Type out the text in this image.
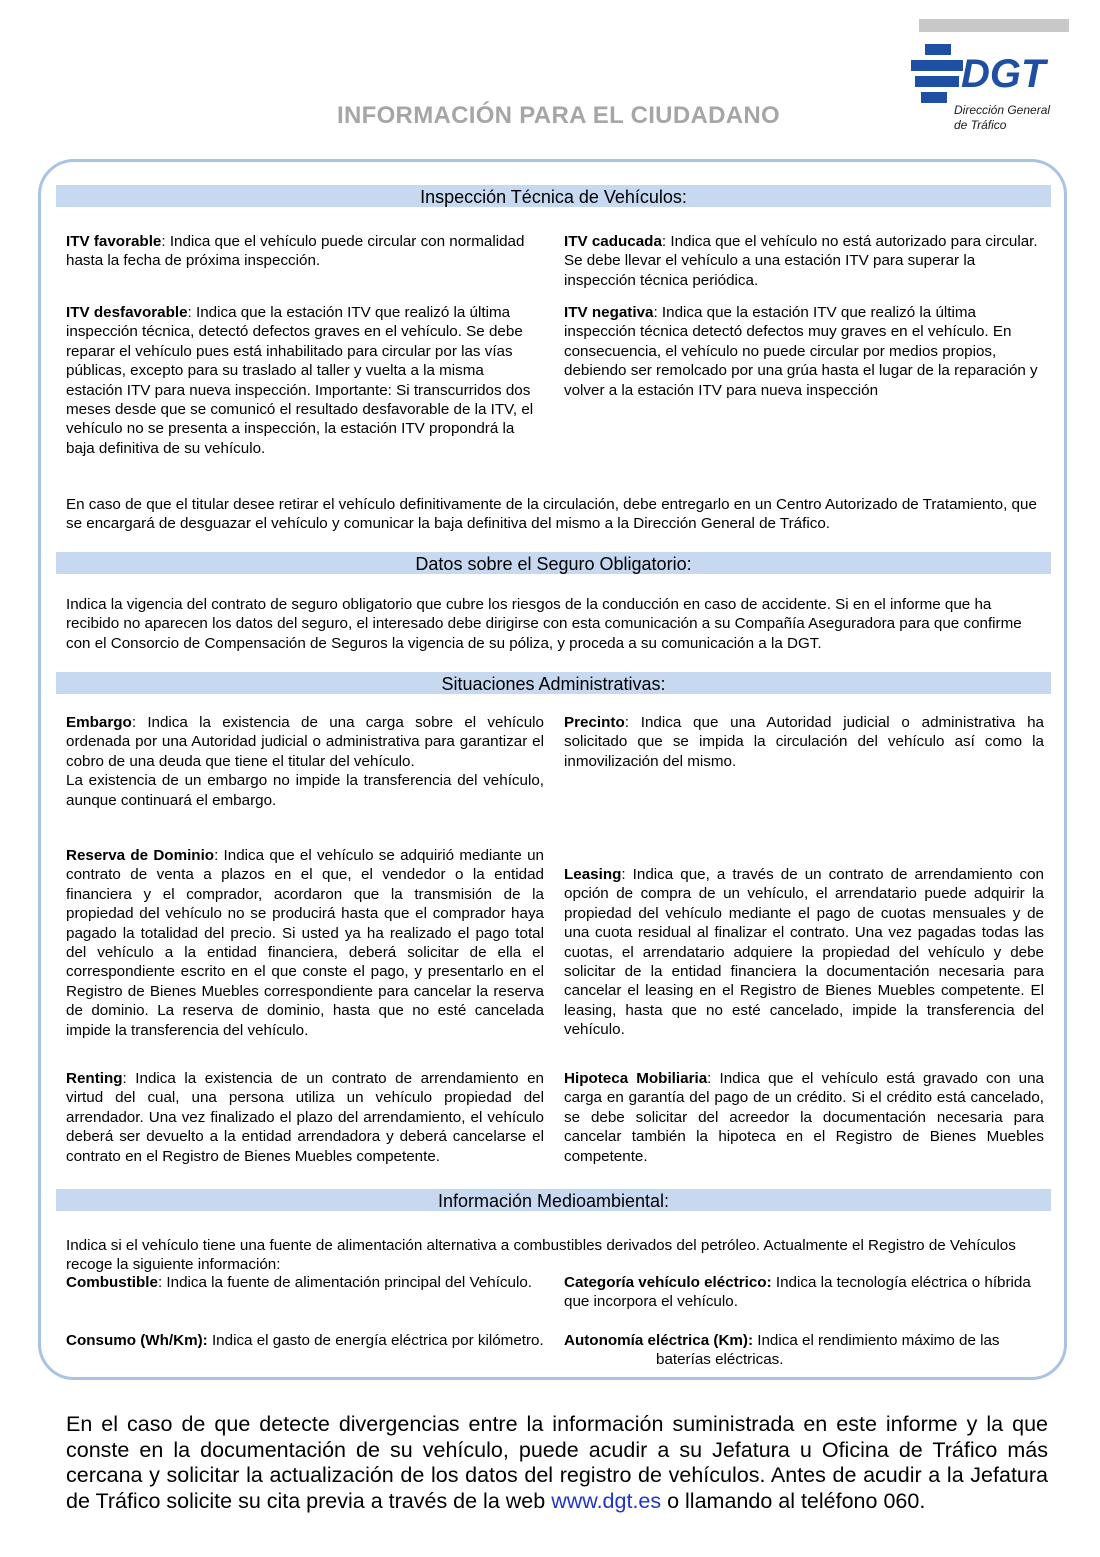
DGT
Dirección General
de Tráfico
INFORMACIÓN PARA EL CIUDADANO
Inspección Técnica de Vehículos:
ITV favorable: Indica que el vehículo puede circular con normalidad hasta la fecha de próxima inspección.
ITV caducada: Indica que el vehículo no está autorizado para circular. Se debe llevar el vehículo a una estación ITV para superar la inspección técnica periódica.
ITV desfavorable: Indica que la estación ITV que realizó la última inspección técnica, detectó defectos graves en el vehículo. Se debe reparar el vehículo pues está inhabilitado para circular por las vías públicas, excepto para su traslado al taller y vuelta a la misma estación ITV para nueva inspección. Importante: Si transcurridos dos meses desde que se comunicó el resultado desfavorable de la ITV, el vehículo no se presenta a inspección, la estación ITV propondrá la baja definitiva de su vehículo.
ITV negativa: Indica que la estación ITV que realizó la última inspección técnica detectó defectos muy graves en el vehículo. En consecuencia, el vehículo no puede circular por medios propios, debiendo ser remolcado por una grúa hasta el lugar de la reparación y volver a la estación ITV para nueva inspección
En caso de que el titular desee retirar el vehículo definitivamente de la circulación, debe entregarlo en un Centro Autorizado de Tratamiento, que se encargará de desguazar el vehículo y comunicar la baja definitiva del mismo a la Dirección General de Tráfico.
Datos sobre el Seguro Obligatorio:
Indica la vigencia del contrato de seguro obligatorio que cubre los riesgos de la conducción en caso de accidente. Si en el informe que ha recibido no aparecen los datos del seguro, el interesado debe dirigirse con esta comunicación a su Compañía Aseguradora para que confirme con el Consorcio de Compensación de Seguros la vigencia de su póliza, y proceda a su comunicación a la DGT.
Situaciones Administrativas:
Embargo: Indica la existencia de una carga sobre el vehículo ordenada por una Autoridad judicial o administrativa para garantizar el cobro de una deuda que tiene el titular del vehículo.
La existencia de un embargo no impide la transferencia del vehículo, aunque continuará el embargo.
Precinto: Indica que una Autoridad judicial o administrativa ha solicitado que se impida la circulación del vehículo así como la inmovilización del mismo.
Reserva de Dominio: Indica que el vehículo se adquirió mediante un contrato de venta a plazos en el que, el vendedor o la entidad financiera y el comprador, acordaron que la transmisión de la propiedad del vehículo no se producirá hasta que el comprador haya pagado la totalidad del precio. Si usted ya ha realizado el pago total del vehículo a la entidad financiera, deberá solicitar de ella el correspondiente escrito en el que conste el pago, y presentarlo en el Registro de Bienes Muebles correspondiente para cancelar la reserva de dominio. La reserva de dominio, hasta que no esté cancelada impide la transferencia del vehículo.
Leasing: Indica que, a través de un contrato de arrendamiento con opción de compra de un vehículo, el arrendatario puede adquirir la propiedad del vehículo mediante el pago de cuotas mensuales y de una cuota residual al finalizar el contrato. Una vez pagadas todas las cuotas, el arrendatario adquiere la propiedad del vehículo y debe solicitar de la entidad financiera la documentación necesaria para cancelar el leasing en el Registro de Bienes Muebles competente. El leasing, hasta que no esté cancelado, impide la transferencia del vehículo.
Renting: Indica la existencia de un contrato de arrendamiento en virtud del cual, una persona utiliza un vehículo propiedad del arrendador. Una vez finalizado el plazo del arrendamiento, el vehículo deberá ser devuelto a la entidad arrendadora y deberá cancelarse el contrato en el Registro de Bienes Muebles competente.
Hipoteca Mobiliaria: Indica que el vehículo está gravado con una carga en garantía del pago de un crédito. Si el crédito está cancelado, se debe solicitar del acreedor la documentación necesaria para cancelar también la hipoteca en el Registro de Bienes Muebles competente.
Información Medioambiental:
Indica si el vehículo tiene una fuente de alimentación alternativa a combustibles derivados del petróleo. Actualmente el Registro de Vehículos recoge la siguiente información:
Combustible: Indica la fuente de alimentación principal del Vehículo.	Categoría vehículo eléctrico: Indica la tecnología eléctrica o híbrida que incorpora el vehículo.
Consumo (Wh/Km): Indica el gasto de energía eléctrica por kilómetro. Autonomía eléctrica (Km): Indica el rendimiento máximo de las
baterías eléctricas.
En el caso de que detecte divergencias entre la información suministrada en este informe y la que conste en la documentación de su vehículo, puede acudir a su Jefatura u Oficina de Tráfico más cercana y solicitar la actualización de los datos del registro de vehículos. Antes de acudir a la Jefatura de Tráfico solicite su cita previa a través de la web www.dgt.es o llamando al teléfono 060.
